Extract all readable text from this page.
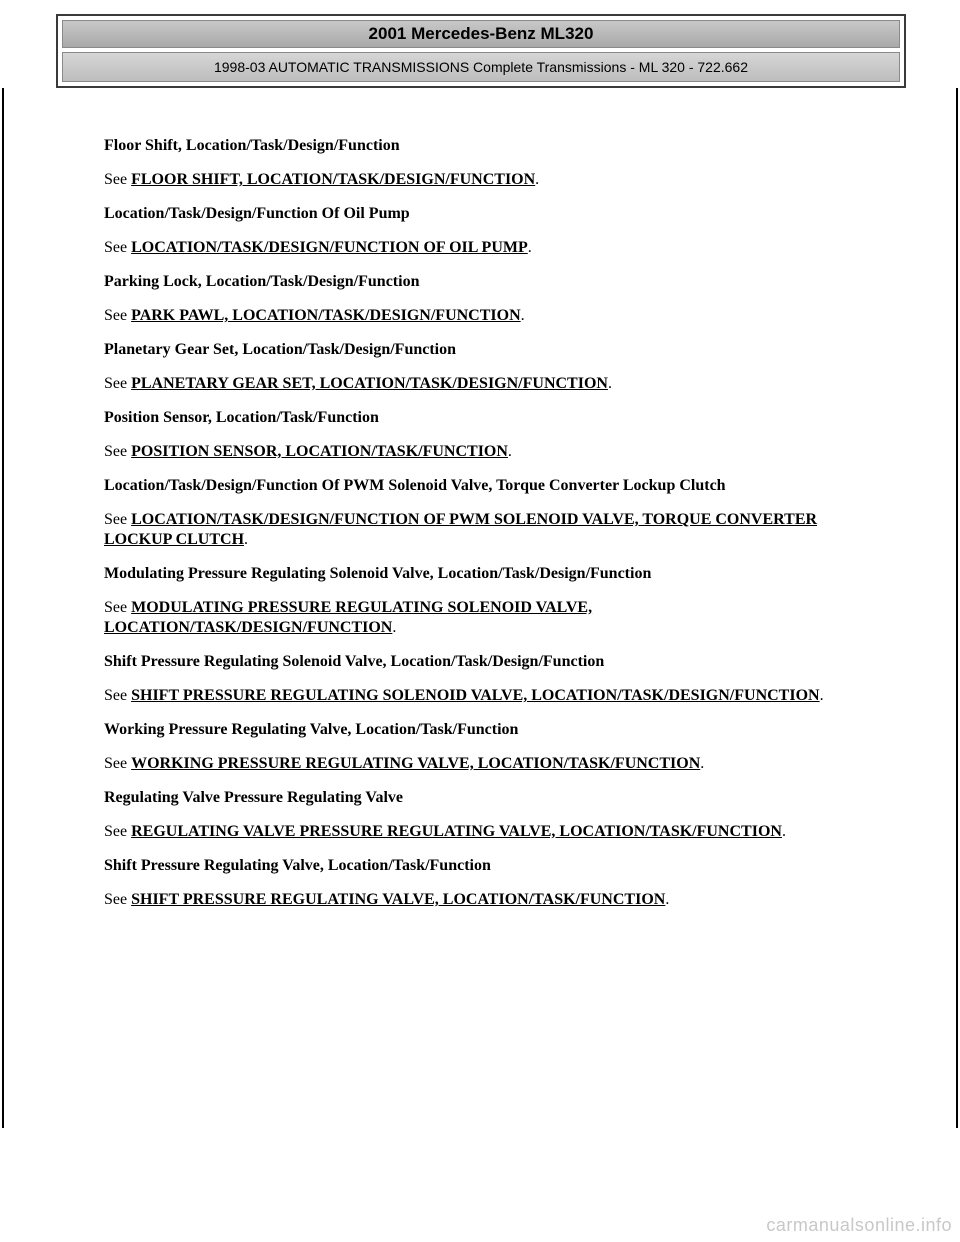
2001 Mercedes-Benz ML320
1998-03 AUTOMATIC TRANSMISSIONS Complete Transmissions - ML 320 - 722.662

Floor Shift, Location/Task/Design/Function

See FLOOR SHIFT, LOCATION/TASK/DESIGN/FUNCTION.

Location/Task/Design/Function Of Oil Pump

See LOCATION/TASK/DESIGN/FUNCTION OF OIL PUMP.

Parking Lock, Location/Task/Design/Function

See PARK PAWL, LOCATION/TASK/DESIGN/FUNCTION.

Planetary Gear Set, Location/Task/Design/Function

See PLANETARY GEAR SET, LOCATION/TASK/DESIGN/FUNCTION.

Position Sensor, Location/Task/Function

See POSITION SENSOR, LOCATION/TASK/FUNCTION.

Location/Task/Design/Function Of PWM Solenoid Valve, Torque Converter Lockup Clutch

See LOCATION/TASK/DESIGN/FUNCTION OF PWM SOLENOID VALVE, TORQUE CONVERTER LOCKUP CLUTCH.

Modulating Pressure Regulating Solenoid Valve, Location/Task/Design/Function

See MODULATING PRESSURE REGULATING SOLENOID VALVE, LOCATION/TASK/DESIGN/FUNCTION.

Shift Pressure Regulating Solenoid Valve, Location/Task/Design/Function

See SHIFT PRESSURE REGULATING SOLENOID VALVE, LOCATION/TASK/DESIGN/FUNCTION.

Working Pressure Regulating Valve, Location/Task/Function

See WORKING PRESSURE REGULATING VALVE, LOCATION/TASK/FUNCTION.

Regulating Valve Pressure Regulating Valve

See REGULATING VALVE PRESSURE REGULATING VALVE, LOCATION/TASK/FUNCTION.

Shift Pressure Regulating Valve, Location/Task/Function

See SHIFT PRESSURE REGULATING VALVE, LOCATION/TASK/FUNCTION.

carmanualsonline.info
